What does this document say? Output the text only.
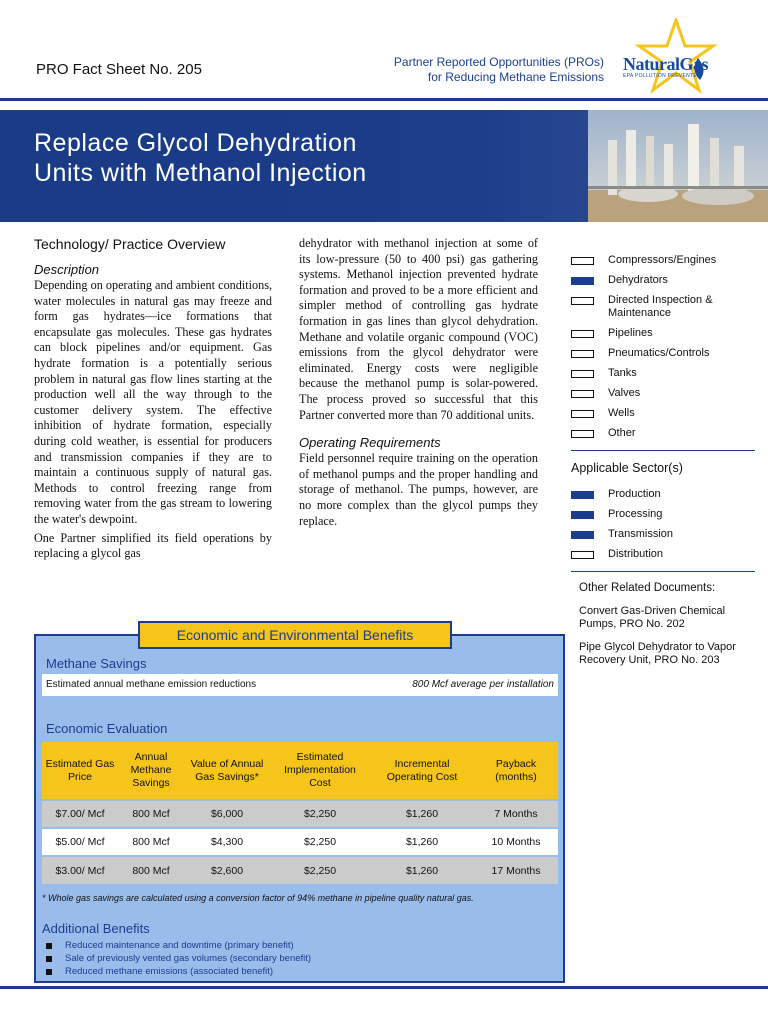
PRO Fact Sheet No. 205	Partner Reported Opportunities (PROs)
for Reducing Methane Emissions
NaturalGas
EPA POLLUTION PREVENTER
Replace Glycol Dehydration
Units with Methanol Injection
Technology/ Practice Overview
Description

Depending on operating and ambient conditions, water molecules in natural gas may freeze and form gas hydrates—ice formations that encapsulate gas molecules. These gas hydrates can block pipelines and/or equipment. Gas hydrate formation is a potentially serious problem in natural gas flow lines starting at the production well all the way through to the customer delivery system. The effective inhibition of hydrate formation, especially during cold weather, is essential for producers and transmission companies if they are to maintain a continuous supply of natural gas. Methods to control freezing range from removing water from the gas stream to lowering the water's dewpoint.

One Partner simplified its field operations by replacing a glycol gas

dehydrator with methanol injection at some of its low-pressure (50 to 400 psi) gas gathering systems. Methanol injection prevented hydrate formation and proved to be a more efficient and simpler method of controlling gas hydrate formation in gas lines than glycol dehydration. Methane and volatile organic compound (VOC) emissions from the glycol dehydrator were eliminated. Energy costs were negligible because the methanol pump is solar-powered. The process proved so successful that this Partner converted more than 70 additional units.

Operating Requirements

Field personnel require training on the operation of methanol pumps and the proper handling and storage of methanol. The pumps, however, are no more complex than the glycol pumps they replace.

Compressors/Engines
Dehydrators
Directed Inspection & Maintenance
Pipelines
Pneumatics/Controls
Tanks
Valves
Wells
Other
Applicable Sector(s)
Production
Processing
Transmission
Distribution
Other Related Documents:
Convert Gas-Driven Chemical Pumps, PRO No. 202
Pipe Glycol Dehydrator to Vapor Recovery Unit, PRO No. 203
Economic and Environmental Benefits
Methane Savings
Estimated annual methane emission reductions	800 Mcf average per installation
Economic Evaluation
Estimated Gas Price	Annual Methane Savings	Value of Annual Gas Savings*	Estimated Implementation Cost	Incremental Operating Cost	Payback (months)
$7.00/ Mcf	800 Mcf	$6,000	$2,250	$1,260	7 Months
$5.00/ Mcf	800 Mcf	$4,300	$2,250	$1,260	10 Months
$3.00/ Mcf	800 Mcf	$2,600	$2,250	$1,260	17 Months
* Whole gas savings are calculated using a conversion factor of 94% methane in pipeline quality natural gas.
Additional Benefits
Reduced maintenance and downtime (primary benefit)
Sale of previously vented gas volumes (secondary benefit)
Reduced methane emissions (associated benefit)
